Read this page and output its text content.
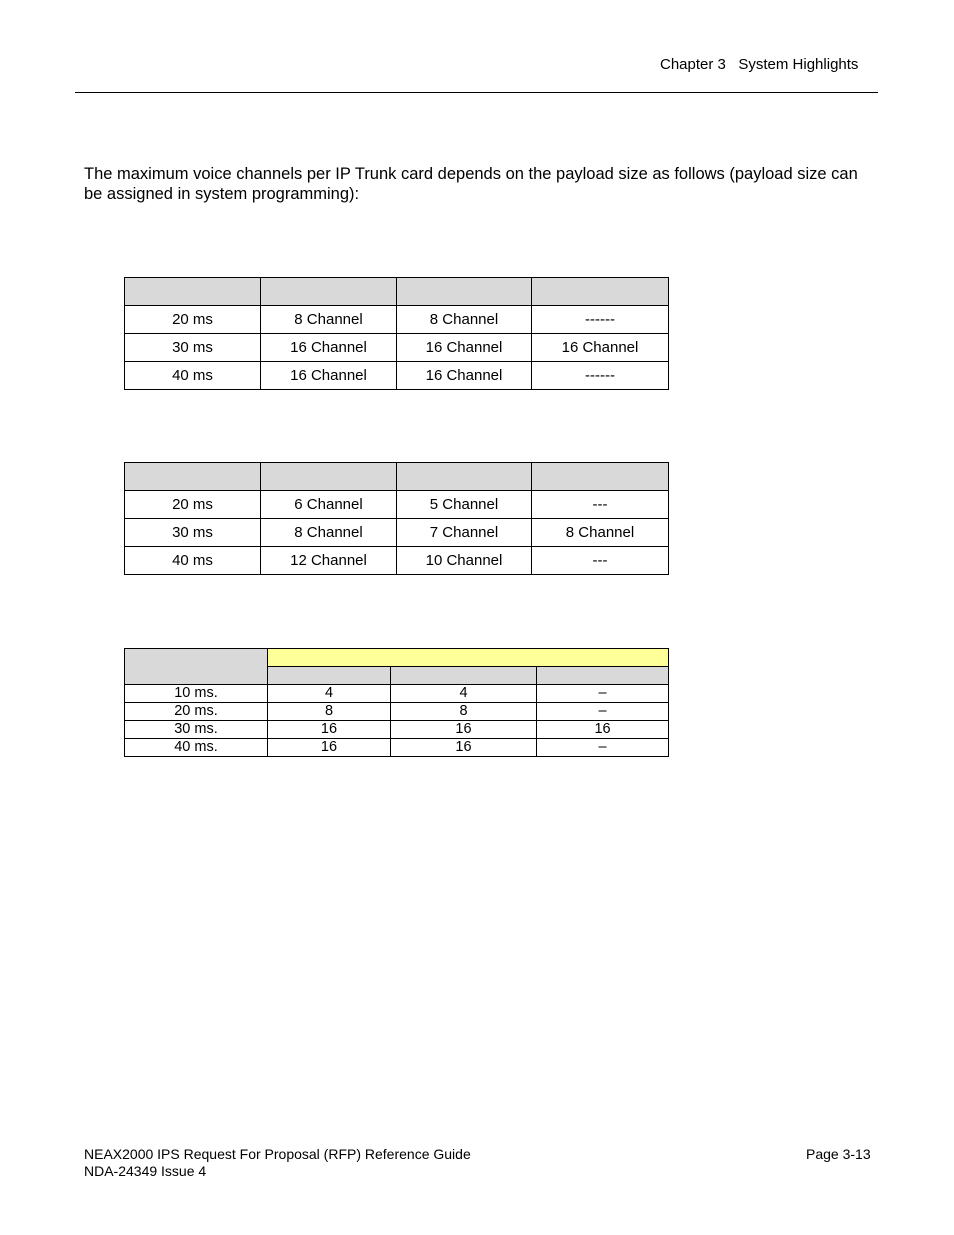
Chapter 3   System Highlights
The maximum voice channels per IP Trunk card depends on the payload size as follows (payload size can be assigned in system programming):

20 ms	8 Channel	8 Channel	------
30 ms	16 Channel	16 Channel	16 Channel
40 ms	16 Channel	16 Channel	------

20 ms	6 Channel	5 Channel	---
30 ms	8 Channel	7 Channel	8 Channel
40 ms	12 Channel	10 Channel	---

10 ms.	4	4	–
20 ms.	8	8	–
30 ms.	16	16	16
40 ms.	16	16	–
NEAX2000 IPS Request For Proposal (RFP) Reference Guide
NDA-24349 Issue 4
Page 3-13
